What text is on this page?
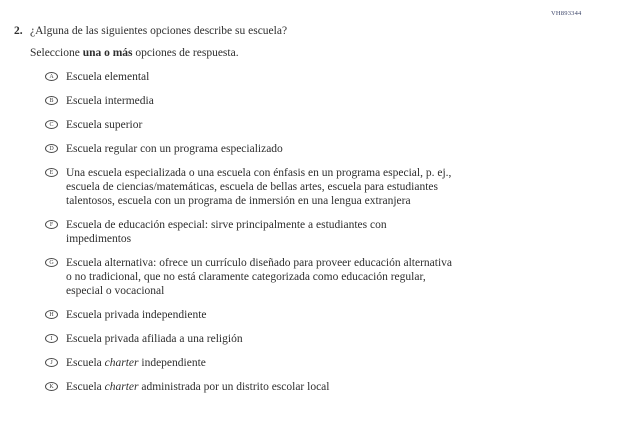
VH893344
2. ¿Alguna de las siguientes opciones describe su escuela?
Seleccione una o más opciones de respuesta.
A Escuela elemental
B Escuela intermedia
C Escuela superior
D Escuela regular con un programa especializado
E Una escuela especializada o una escuela con énfasis en un programa especial, p. ej.,
escuela de ciencias/matemáticas, escuela de bellas artes, escuela para estudiantes
talentosos, escuela con un programa de inmersión en una lengua extranjera
F Escuela de educación especial: sirve principalmente a estudiantes con
impedimentos
G Escuela alternativa: ofrece un currículo diseñado para proveer educación alternativa
o no tradicional, que no está claramente categorizada como educación regular,
especial o vocacional
H Escuela privada independiente
I Escuela privada afiliada a una religión
J Escuela charter independiente
K Escuela charter administrada por un distrito escolar local
